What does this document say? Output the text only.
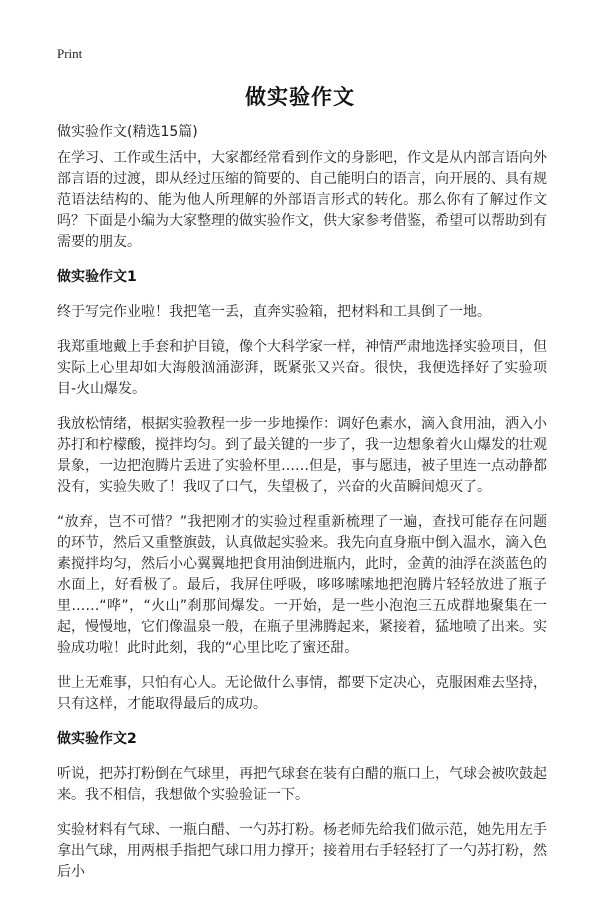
Print
做实验作文
做实验作文(精选15篇)

在学习、工作或生活中，大家都经常看到作文的身影吧，作文是从内部言语向外部言语的过渡，即从经过压缩的简要的、自己能明白的语言，向开展的、具有规范语法结构的、能为他人所理解的外部语言形式的转化。那么你有了解过作文吗？下面是小编为大家整理的做实验作文，供大家参考借鉴，希望可以帮助到有需要的朋友。

做实验作文1

终于写完作业啦！我把笔一丢，直奔实验箱，把材料和工具倒了一地。

我郑重地戴上手套和护目镜，像个大科学家一样，神情严肃地选择实验项目，但实际上心里却如大海般汹涌澎湃，既紧张又兴奋。很快，我便选择好了实验项目-火山爆发。

我放松情绪，根据实验教程一步一步地操作：调好色素水，滴入食用油，洒入小苏打和柠檬酸，搅拌均匀。到了最关键的一步了，我一边想象着火山爆发的壮观景象，一边把泡腾片丢进了实验杯里……但是，事与愿违，被子里连一点动静都没有，实验失败了！我叹了口气，失望极了，兴奋的火苗瞬间熄灭了。

“放弃，岂不可惜？”我把刚才的实验过程重新梳理了一遍，查找可能存在问题的环节，然后又重整旗鼓，认真做起实验来。我先向直身瓶中倒入温水，滴入色素搅拌均匀，然后小心翼翼地把食用油倒进瓶内，此时，金黄的油浮在淡蓝色的水面上，好看极了。最后，我屏住呼吸，哆哆嗦嗦地把泡腾片轻轻放进了瓶子里……“哗”，“火山”刹那间爆发。一开始，是一些小泡泡三五成群地聚集在一起，慢慢地，它们像温泉一般，在瓶子里沸腾起来，紧接着，猛地喷了出来。实验成功啦！此时此刻，我的“心里比吃了蜜还甜。

世上无难事，只怕有心人。无论做什么事情，都要下定决心，克服困难去坚持，只有这样，才能取得最后的成功。

做实验作文2

听说，把苏打粉倒在气球里，再把气球套在装有白醋的瓶口上，气球会被吹鼓起来。我不相信，我想做个实验验证一下。

实验材料有气球、一瓶白醋、一勺苏打粉。杨老师先给我们做示范，她先用左手拿出气球，用两根手指把气球口用力撑开；接着用右手轻轻打了一勺苏打粉，然后小
